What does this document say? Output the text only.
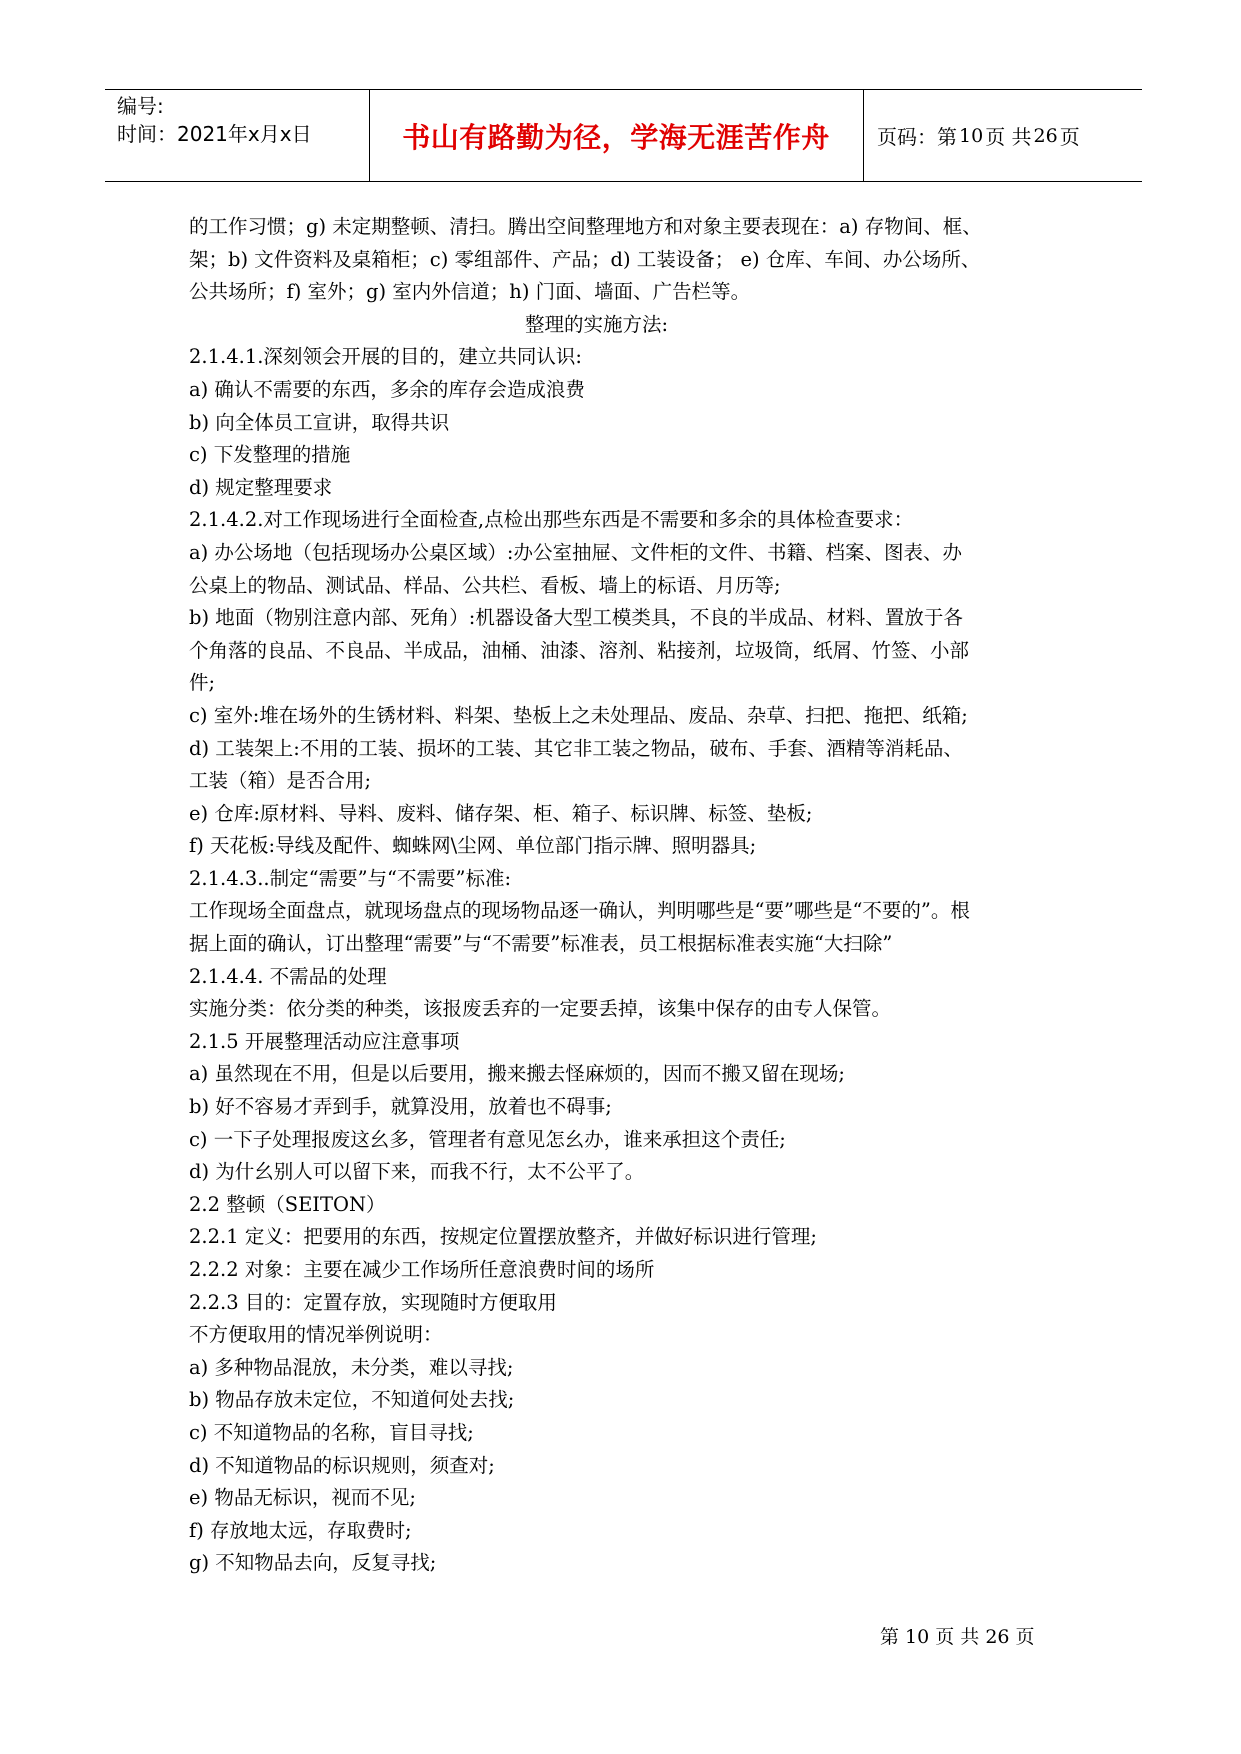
编号:
时间：2021年x月x日	书山有路勤为径，学海无涯苦作舟	页码：第 10 页 共 26 页
的工作习惯；g) 未定期整顿、清扫。腾出空间整理地方和对象主要表现在：a) 存物间、框、
架；b) 文件资料及桌箱柜；c) 零组部件、产品；d) 工装设备； e) 仓库、车间、办公场所、
公共场所；f) 室外；g) 室内外信道；h) 门面、墙面、广告栏等。
整理的实施方法:
2.1.4.1.深刻领会开展的目的，建立共同认识:
a) 确认不需要的东西，多余的库存会造成浪费
b) 向全体员工宣讲，取得共识
c) 下发整理的措施
d) 规定整理要求
2.1.4.2.对工作现场进行全面检查,点检出那些东西是不需要和多余的具体检查要求：
a) 办公场地（包括现场办公桌区域）:办公室抽屉、文件柜的文件、书籍、档案、图表、办
公桌上的物品、测试品、样品、公共栏、看板、墙上的标语、月历等;
b) 地面（物别注意内部、死角）:机器设备大型工模类具，不良的半成品、材料、置放于各
个角落的良品、不良品、半成品，油桶、油漆、溶剂、粘接剂，垃圾筒，纸屑、竹签、小部
件;
c) 室外:堆在场外的生锈材料、料架、垫板上之未处理品、废品、杂草、扫把、拖把、纸箱;
d) 工装架上:不用的工装、损坏的工装、其它非工装之物品，破布、手套、酒精等消耗品、
工装（箱）是否合用;
e) 仓库:原材料、导料、废料、储存架、柜、箱子、标识牌、标签、垫板;
f) 天花板:导线及配件、蜘蛛网\尘网、单位部门指示牌、照明器具;
2.1.4.3..制定“需要”与“不需要”标准:
工作现场全面盘点，就现场盘点的现场物品逐一确认，判明哪些是“要”哪些是“不要的”。根
据上面的确认，订出整理“需要”与“不需要”标准表，员工根据标准表实施“大扫除”
2.1.4.4. 不需品的处理
实施分类：依分类的种类，该报废丢弃的一定要丢掉，该集中保存的由专人保管。
2.1.5 开展整理活动应注意事项
a) 虽然现在不用，但是以后要用，搬来搬去怪麻烦的，因而不搬又留在现场;
b) 好不容易才弄到手，就算没用，放着也不碍事;
c) 一下子处理报废这幺多，管理者有意见怎幺办，谁来承担这个责任;
d) 为什幺别人可以留下来，而我不行，太不公平了。
2.2 整顿（SEITON）
2.2.1 定义：把要用的东西，按规定位置摆放整齐，并做好标识进行管理;
2.2.2 对象：主要在减少工作场所任意浪费时间的场所
2.2.3 目的：定置存放，实现随时方便取用
不方便取用的情况举例说明：
a) 多种物品混放，未分类，难以寻找;
b) 物品存放未定位，不知道何处去找;
c) 不知道物品的名称，盲目寻找;
d) 不知道物品的标识规则，须查对;
e) 物品无标识，视而不见;
f) 存放地太远，存取费时;
g) 不知物品去向，反复寻找;
第 10 页 共 26 页
